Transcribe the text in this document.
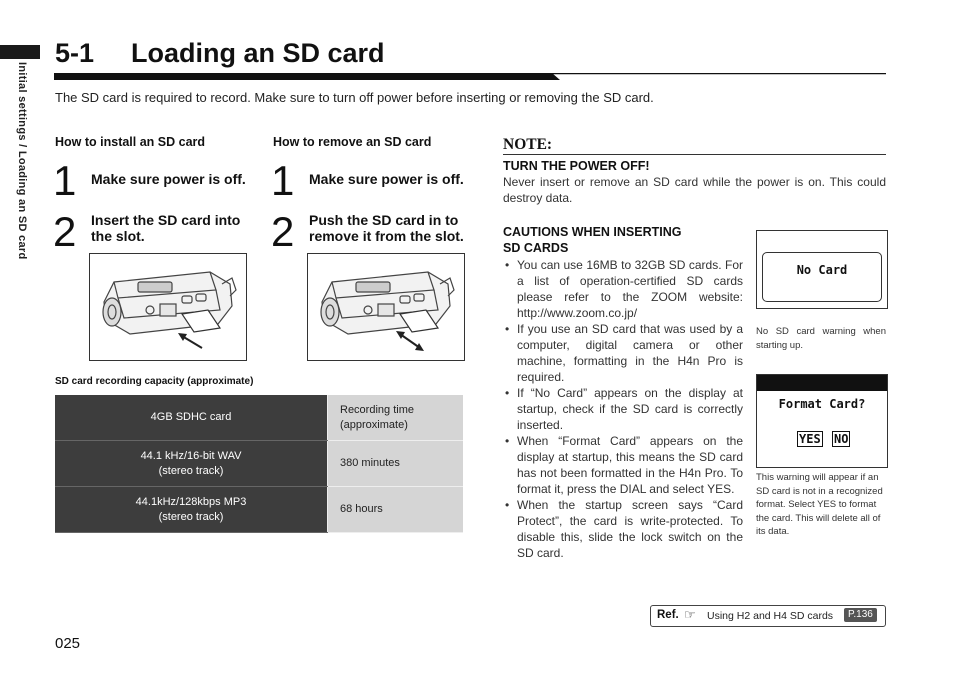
Initial settings / Loading an SD card
5-1 Loading an SD card
The SD card is required to record. Make sure to turn off power before inserting or removing the SD card.
How to install an SD card
1 Make sure power is off.
2 Insert the SD card into the slot.
How to remove an SD card
1 Make sure power is off.
2 Push the SD card in to remove it from the slot.
SD card recording capacity (approximate)
4GB SDHC card	Recording time (approximate)
44.1 kHz/16-bit WAV
(stereo track)	380 minutes
44.1kHz/128kbps MP3
(stereo track)	68 hours
NOTE:
TURN THE POWER OFF!
Never insert or remove an SD card while the power is on. This could destroy data.
CAUTIONS WHEN INSERTING
SD CARDS
• You can use 16MB to 32GB SD cards. For a list of operation-certified SD cards please refer to the ZOOM website: http://www.zoom.co.jp/
• If you use an SD card that was used by a computer, digital camera or other machine, formatting in the H4n Pro is required.
• If “No Card” appears on the display at startup, check if the SD card is correctly inserted.
• When “Format Card” appears on the display at startup, this means the SD card has not been formatted in the H4n Pro. To format it, press the DIAL and select YES.
• When the startup screen says “Card Protect”, the card is write-protected. To disable this, slide the lock switch on the SD card.
No Card
No SD card warning when starting up.
Format Card?
YES NO
This warning will appear if an SD card is not in a recognized format. Select YES to format the card. This will delete all of its data.
Ref. ☞ Using H2 and H4 SD cards	P.136
025
